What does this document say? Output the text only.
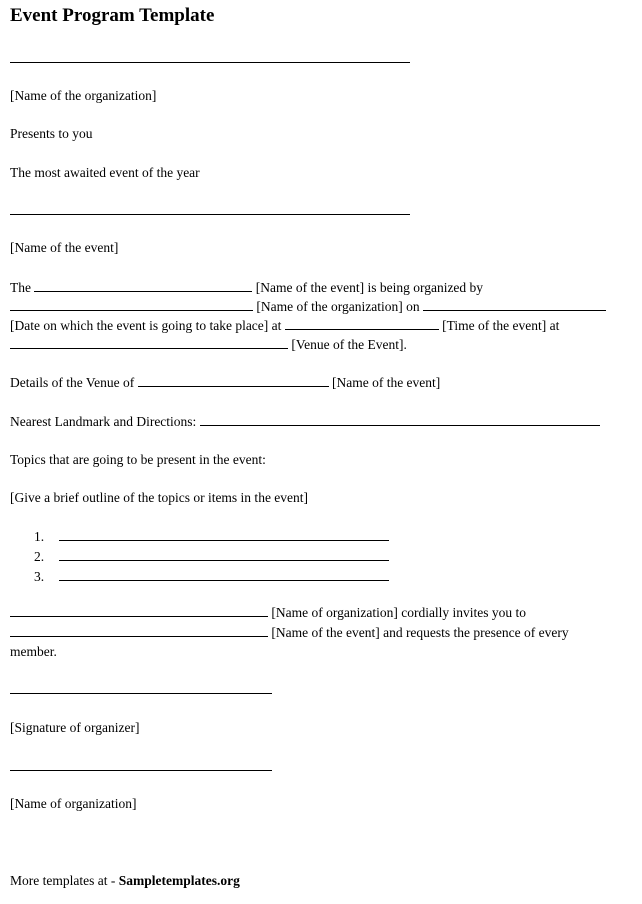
Event Program Template
[Name of the organization]
Presents to you
The most awaited event of the year
[Name of the event]
The	[Name of the event] is being organized by
[Name of the organization] on
[Date on which the event is going to take place] at	[Time of the event] at
[Venue of the Event].
Details of the Venue of	[Name of the event]
Nearest Landmark and Directions:
Topics that are going to be present in the event:
[Give a brief outline of the topics or items in the event]
1.
2.
3.
[Name of organization] cordially invites you to
[Name of the event] and requests the presence of every
member.
[Signature of organizer]
[Name of organization]
More templates at - Sampletemplates.org
